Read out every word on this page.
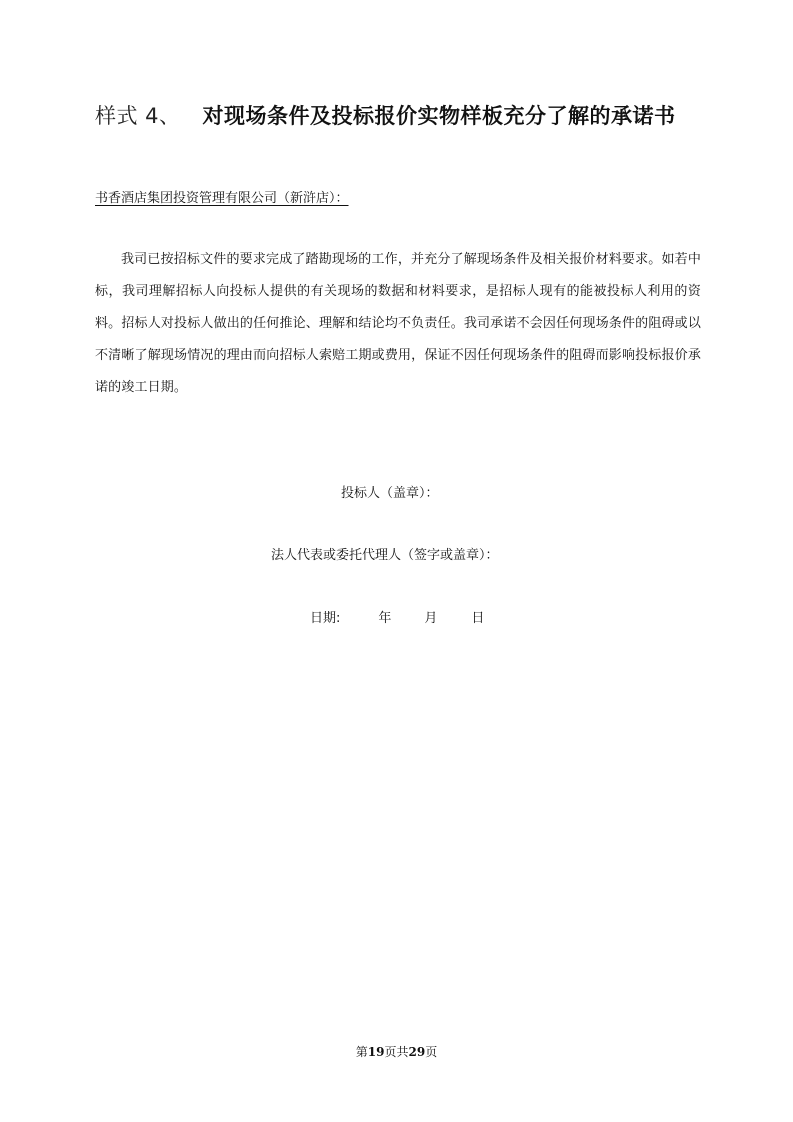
样式 4、 对现场条件及投标报价实物样板充分了解的承诺书
书香酒店集团投资管理有限公司（新浒店）：

我司已按招标文件的要求完成了踏勘现场的工作，并充分了解现场条件及相关报价材料要求。如若中标，我司理解招标人向投标人提供的有关现场的数据和材料要求，是招标人现有的能被投标人利用的资料。招标人对投标人做出的任何推论、理解和结论均不负责任。我司承诺不会因任何现场条件的阻碍或以不清晰了解现场情况的理由而向招标人索赔工期或费用，保证不因任何现场条件的阻碍而影响投标报价承诺的竣工日期。

投标人（盖章）：
法人代表或委托代理人（签字或盖章）：
日期:	年	月	日
第19页共29页
